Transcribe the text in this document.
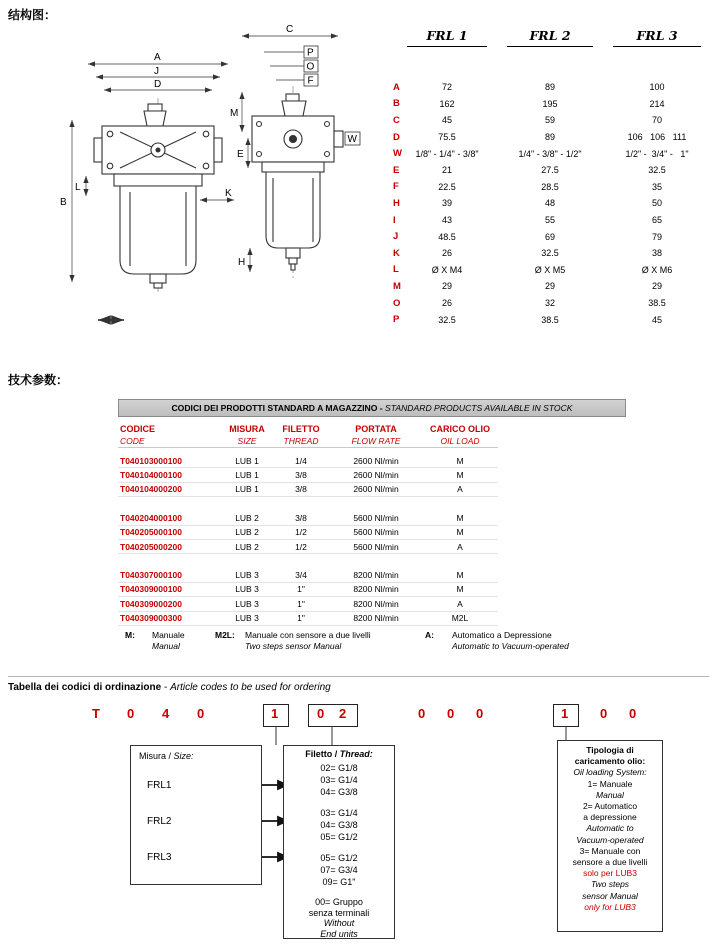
结构图：
技术参数：
A
J
D
B
L
K
C
P
O
F
M
E
W
H
FRL 1	FRL 2	FRL 3
A	72	89	100
B	162	195	214
C	45	59	70
D	75.5	89	106   106   111
W	1/8" - 1/4" - 3/8"	1/4" - 3/8" - 1/2"	1/2" -  3/4" -   1"
E	21	27.5	32.5
F	22.5	28.5	35
H	39	48	50
I	43	55	65
J	48.5	69	79
K	26	32.5	38
L	Ø X M4	Ø X M5	Ø X M6
M	29	29	29
O	26	32	38.5
P	32.5	38.5	45
CODICI DEI PRODOTTI STANDARD A MAGAZZINO - STANDARD PRODUCTS AVAILABLE IN STOCK
CODICE	MISURA	FILETTO	PORTATA	CARICO OLIO
CODE	SIZE	THREAD	FLOW RATE	OIL LOAD
T040103000100	LUB 1	1/4	2600 Nl/min	M
T040104000100	LUB 1	3/8	2600 Nl/min	M
T040104000200	LUB 1	3/8	2600 Nl/min	A
T040204000100	LUB 2	3/8	5600 Nl/min	M
T040205000100	LUB 2	1/2	5600 Nl/min	M
T040205000200	LUB 2	1/2	5600 Nl/min	A
T040307000100	LUB 3	3/4	8200 Nl/min	M
T040309000100	LUB 3	1"	8200 Nl/min	M
T040309000200	LUB 3	1"	8200 Nl/min	A
T040309000300	LUB 3	1"	8200 Nl/min	M2L
M: Manuale
Manual
M2L: Manuale con sensore a due livelli
Two steps sensor Manual
A: Automatico a Depressione
Automatic to Vacuum-operated
Tabella dei codici di ordinazione - Article codes to be used for ordering
T 0 4 0	1	0 2	0 0 0	1 0 0
Misura / Size:
FRL1
FRL2
FRL3
Filetto / Thread:
02= G1/8
03= G1/4
04= G3/8
03= G1/4
04= G3/8
05= G1/2
05= G1/2
07= G3/4
09= G1"
00= Gruppo
senza terminali
Without
End units
Tipologia di
caricamento olio:
Oil loading System:
1= Manuale
Manual
2= Automatico
a depressione
Automatic to
Vacuum-operated
3= Manuale con
sensore a due livelli
solo per LUB3
Two steps
sensor Manual
only for LUB3
